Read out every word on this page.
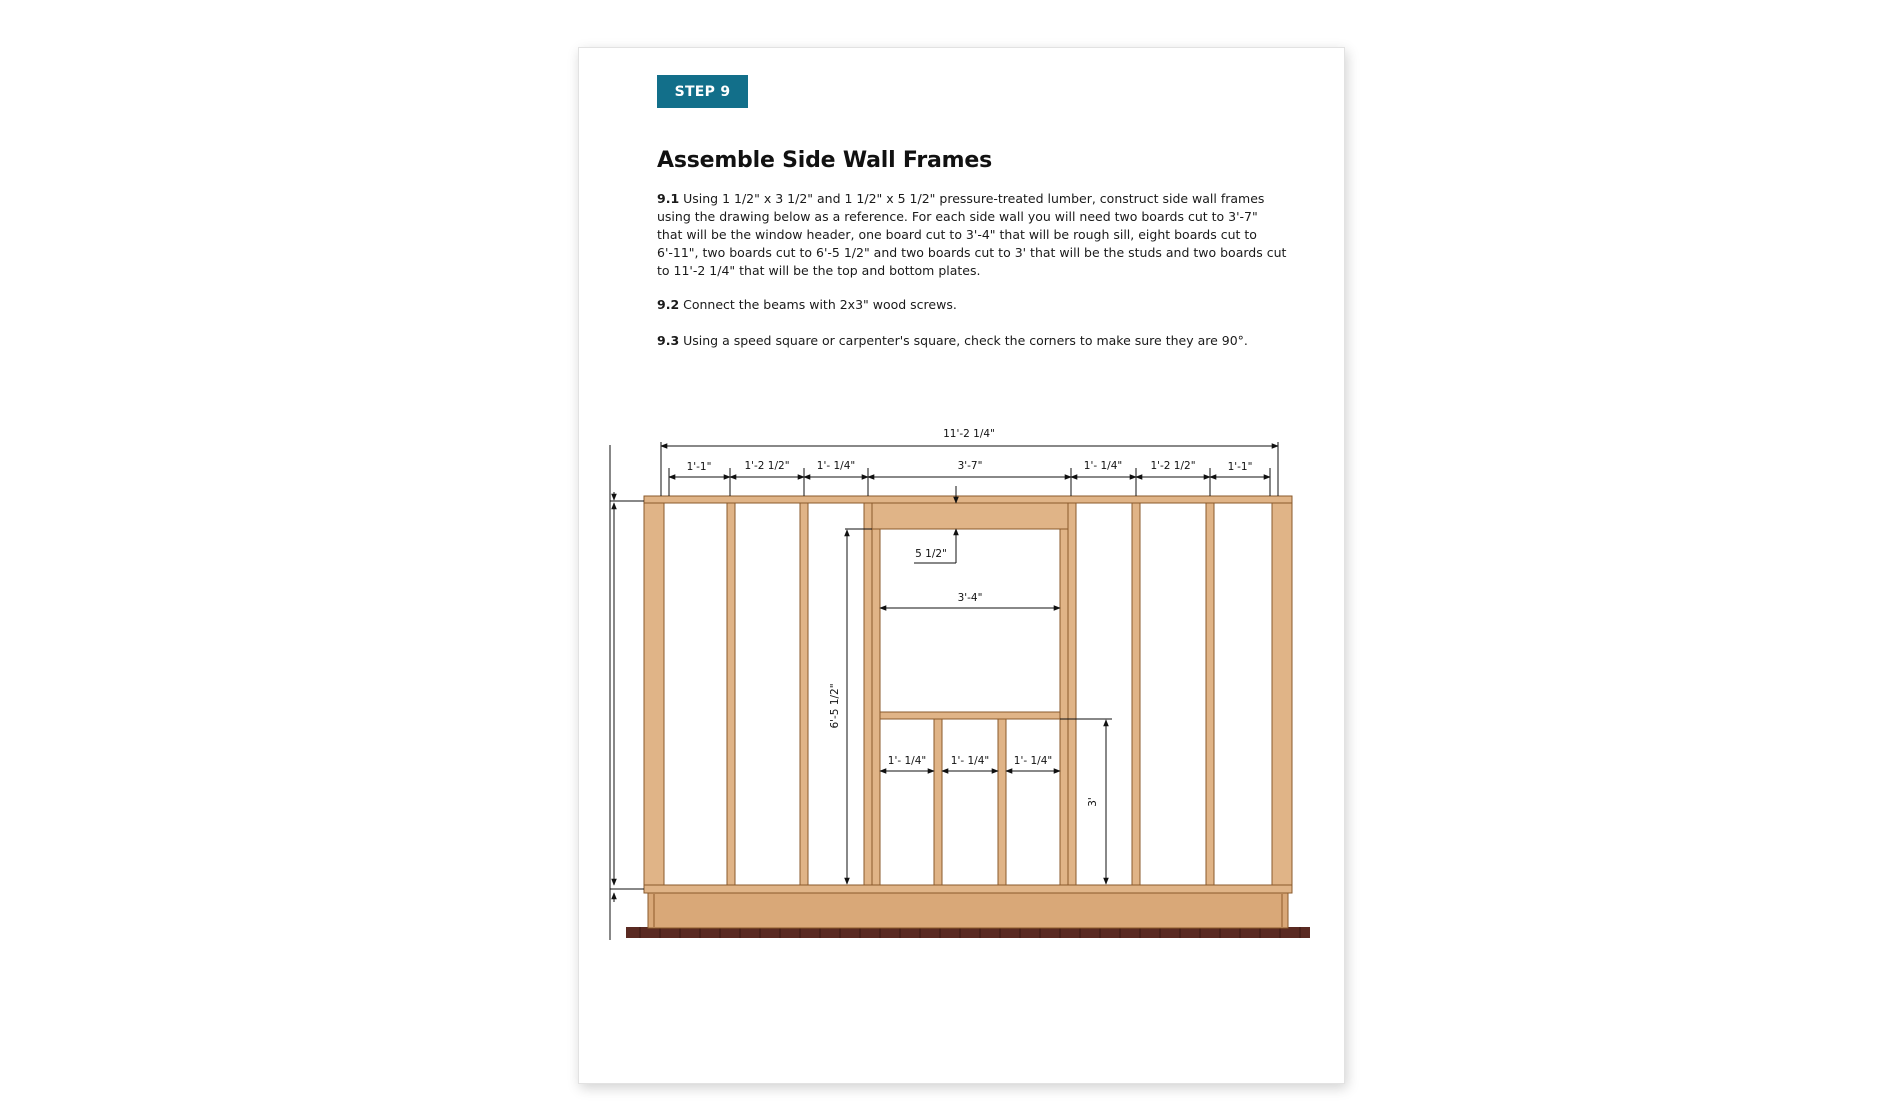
STEP 9
Assemble Side Wall Frames

9.1 Using 1 1/2" x 3 1/2" and 1 1/2" x 5 1/2" pressure-treated lumber, construct side wall frames using the drawing below as a reference. For each side wall you will need two boards cut to 3'-7" that will be the window header, one board cut to 3'-4" that will be rough sill, eight boards cut to 6'-11", two boards cut to 6'-5 1/2" and two boards cut to 3' that will be the studs and two boards cut to 11'-2 1/4" that will be the top and bottom plates.

9.2 Connect the beams with 2x3" wood screws.

9.3 Using a speed square or carpenter's square, check the corners to make sure they are 90°.

11'-2 1/4"
1'-1"	1'-2 1/2"	1'- 1/4"	3'-7"	1'- 1/4"	1'-2 1/2"	1'-1"
5 1/2"
3'-4"
1'- 1/4" 1'- 1/4" 1'- 1/4"
6'-5 1/2"
3'
